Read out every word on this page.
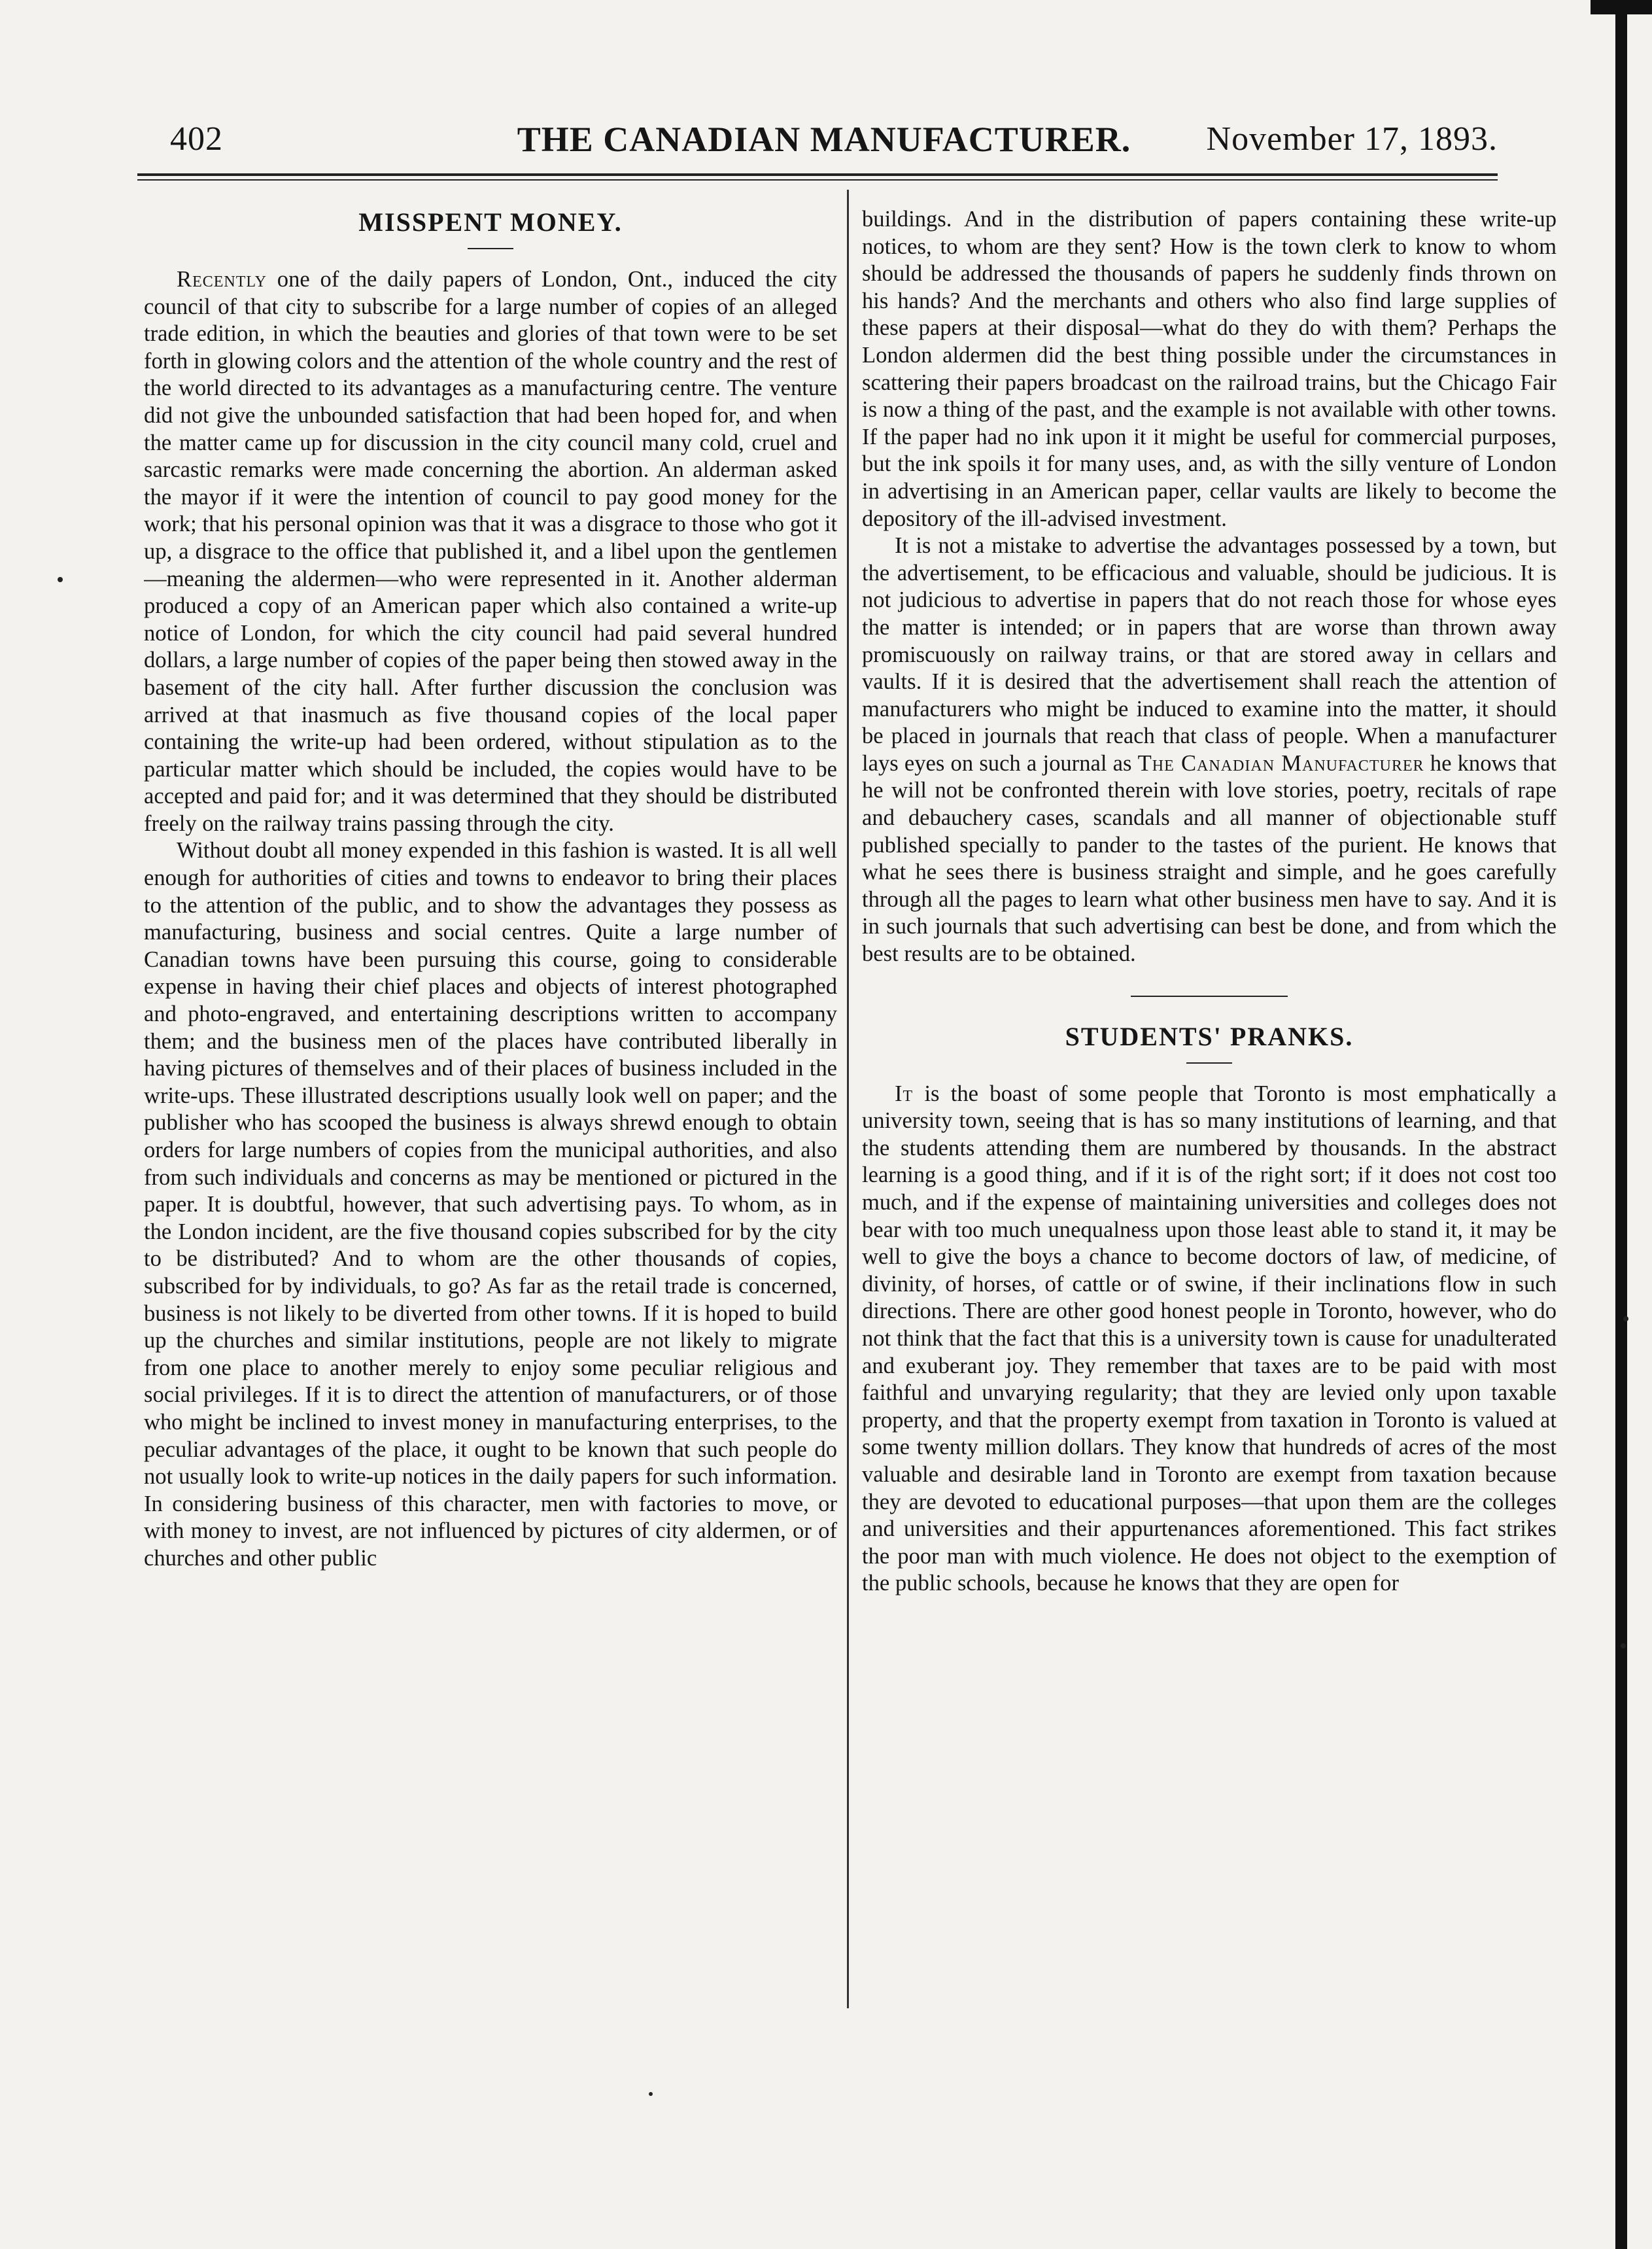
402	THE CANADIAN MANUFACTURER.	November 17, 1893.
MISSPENT MONEY.

Recently one of the daily papers of London, Ont., induced the city council of that city to subscribe for a large number of copies of an alleged trade edition, in which the beauties and glories of that town were to be set forth in glowing colors and the attention of the whole country and the rest of the world directed to its advantages as a manufacturing centre. The venture did not give the unbounded satisfaction that had been hoped for, and when the matter came up for discussion in the city council many cold, cruel and sarcastic remarks were made concerning the abortion. An alderman asked the mayor if it were the intention of council to pay good money for the work; that his personal opinion was that it was a disgrace to those who got it up, a disgrace to the office that published it, and a libel upon the gentlemen—meaning the aldermen—who were represented in it. Another alderman produced a copy of an American paper which also contained a write-up notice of London, for which the city council had paid several hundred dollars, a large number of copies of the paper being then stowed away in the basement of the city hall. After further discussion the conclusion was arrived at that inasmuch as five thousand copies of the local paper containing the write-up had been ordered, without stipulation as to the particular matter which should be included, the copies would have to be accepted and paid for; and it was determined that they should be distributed freely on the railway trains passing through the city.

Without doubt all money expended in this fashion is wasted. It is all well enough for authorities of cities and towns to endeavor to bring their places to the attention of the public, and to show the advantages they possess as manufacturing, business and social centres. Quite a large number of Canadian towns have been pursuing this course, going to considerable expense in having their chief places and objects of interest photographed and photo-engraved, and entertaining descriptions written to accompany them; and the business men of the places have contributed liberally in having pictures of themselves and of their places of business included in the write-ups. These illustrated descriptions usually look well on paper; and the publisher who has scooped the business is always shrewd enough to obtain orders for large numbers of copies from the municipal authorities, and also from such individuals and concerns as may be mentioned or pictured in the paper. It is doubtful, however, that such advertising pays. To whom, as in the London incident, are the five thousand copies subscribed for by the city to be distributed? And to whom are the other thousands of copies, subscribed for by individuals, to go? As far as the retail trade is concerned, business is not likely to be diverted from other towns. If it is hoped to build up the churches and similar institutions, people are not likely to migrate from one place to another merely to enjoy some peculiar religious and social privileges. If it is to direct the attention of manufacturers, or of those who might be inclined to invest money in manufacturing enterprises, to the peculiar advantages of the place, it ought to be known that such people do not usually look to write-up notices in the daily papers for such information. In considering business of this character, men with factories to move, or with money to invest, are not influenced by pictures of city aldermen, or of churches and other public

buildings. And in the distribution of papers containing these write-up notices, to whom are they sent? How is the town clerk to know to whom should be addressed the thousands of papers he suddenly finds thrown on his hands? And the merchants and others who also find large supplies of these papers at their disposal—what do they do with them? Perhaps the London aldermen did the best thing possible under the circumstances in scattering their papers broadcast on the railroad trains, but the Chicago Fair is now a thing of the past, and the example is not available with other towns. If the paper had no ink upon it it might be useful for commercial purposes, but the ink spoils it for many uses, and, as with the silly venture of London in advertising in an American paper, cellar vaults are likely to become the depository of the ill-advised investment.

It is not a mistake to advertise the advantages possessed by a town, but the advertisement, to be efficacious and valuable, should be judicious. It is not judicious to advertise in papers that do not reach those for whose eyes the matter is intended; or in papers that are worse than thrown away promiscuously on railway trains, or that are stored away in cellars and vaults. If it is desired that the advertisement shall reach the attention of manufacturers who might be induced to examine into the matter, it should be placed in journals that reach that class of people. When a manufacturer lays eyes on such a journal as The Canadian Manufacturer he knows that he will not be confronted therein with love stories, poetry, recitals of rape and debauchery cases, scandals and all manner of objectionable stuff published specially to pander to the tastes of the purient. He knows that what he sees there is business straight and simple, and he goes carefully through all the pages to learn what other business men have to say. And it is in such journals that such advertising can best be done, and from which the best results are to be obtained.

STUDENTS' PRANKS.

It is the boast of some people that Toronto is most emphatically a university town, seeing that is has so many institutions of learning, and that the students attending them are numbered by thousands. In the abstract learning is a good thing, and if it is of the right sort; if it does not cost too much, and if the expense of maintaining universities and colleges does not bear with too much unequalness upon those least able to stand it, it may be well to give the boys a chance to become doctors of law, of medicine, of divinity, of horses, of cattle or of swine, if their inclinations flow in such directions. There are other good honest people in Toronto, however, who do not think that the fact that this is a university town is cause for unadulterated and exuberant joy. They remember that taxes are to be paid with most faithful and unvarying regularity; that they are levied only upon taxable property, and that the property exempt from taxation in Toronto is valued at some twenty million dollars. They know that hundreds of acres of the most valuable and desirable land in Toronto are exempt from taxation because they are devoted to educational purposes—that upon them are the colleges and universities and their appurtenances aforementioned. This fact strikes the poor man with much violence. He does not object to the exemption of the public schools, because he knows that they are open for
